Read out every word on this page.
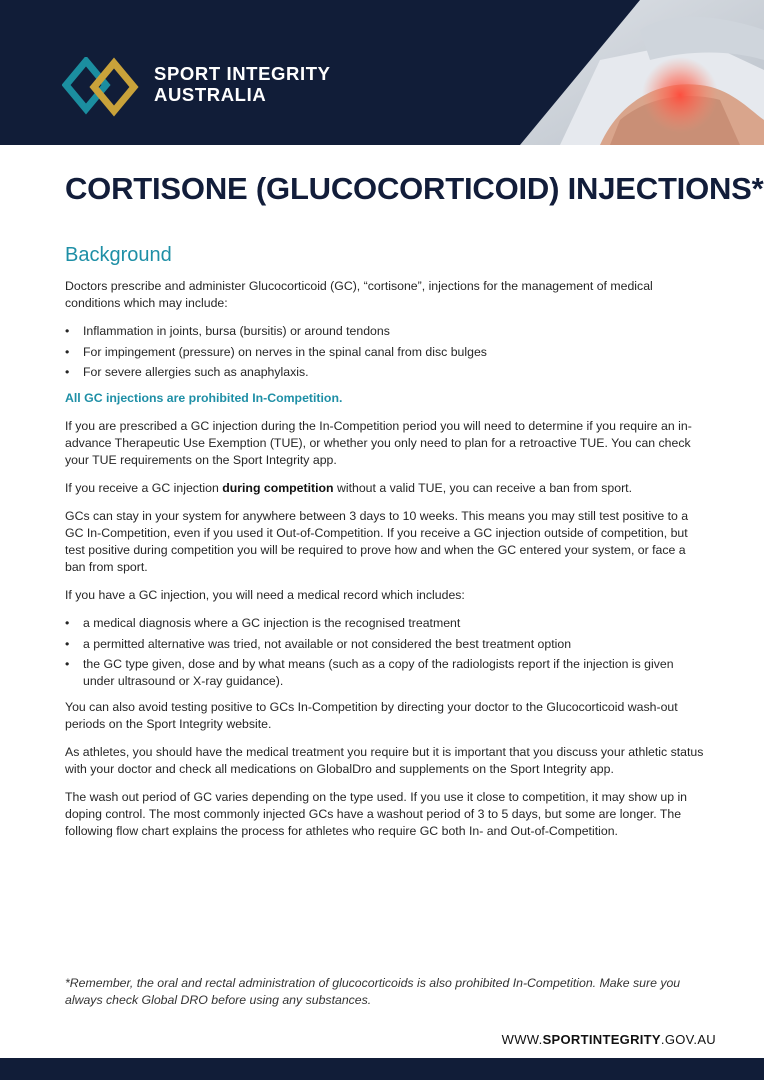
SPORT INTEGRITY
AUSTRALIA
CORTISONE (GLUCOCORTICOID) INJECTIONS*
Background

Doctors prescribe and administer Glucocorticoid (GC), “cortisone”, injections for the management of medical conditions which may include:

• Inflammation in joints, bursa (bursitis) or around tendons
• For impingement (pressure) on nerves in the spinal canal from disc bulges
• For severe allergies such as anaphylaxis.

All GC injections are prohibited In-Competition.

If you are prescribed a GC injection during the In-Competition period you will need to determine if you require an in-advance Therapeutic Use Exemption (TUE), or whether you only need to plan for a retroactive TUE. You can check your TUE requirements on the Sport Integrity app.

If you receive a GC injection during competition without a valid TUE, you can receive a ban from sport.

GCs can stay in your system for anywhere between 3 days to 10 weeks. This means you may still test positive to a GC In-Competition, even if you used it Out-of-Competition. If you receive a GC injection outside of competition, but test positive during competition you will be required to prove how and when the GC entered your system, or face a ban from sport.

If you have a GC injection, you will need a medical record which includes:

• a medical diagnosis where a GC injection is the recognised treatment
• a permitted alternative was tried, not available or not considered the best treatment option
• the GC type given, dose and by what means (such as a copy of the radiologists report if the injection is given under ultrasound or X-ray guidance).

You can also avoid testing positive to GCs In-Competition by directing your doctor to the Glucocorticoid wash-out periods on the Sport Integrity website.

As athletes, you should have the medical treatment you require but it is important that you discuss your athletic status with your doctor and check all medications on GlobalDro and supplements on the Sport Integrity app.

The wash out period of GC varies depending on the type used. If you use it close to competition, it may show up in doping control. The most commonly injected GCs have a washout period of 3 to 5 days, but some are longer. The following flow chart explains the process for athletes who require GC both In- and Out-of-Competition.

*Remember, the oral and rectal administration of glucocorticoids is also prohibited In-Competition. Make sure you always check Global DRO before using any substances.

WWW.SPORTINTEGRITY.GOV.AU
